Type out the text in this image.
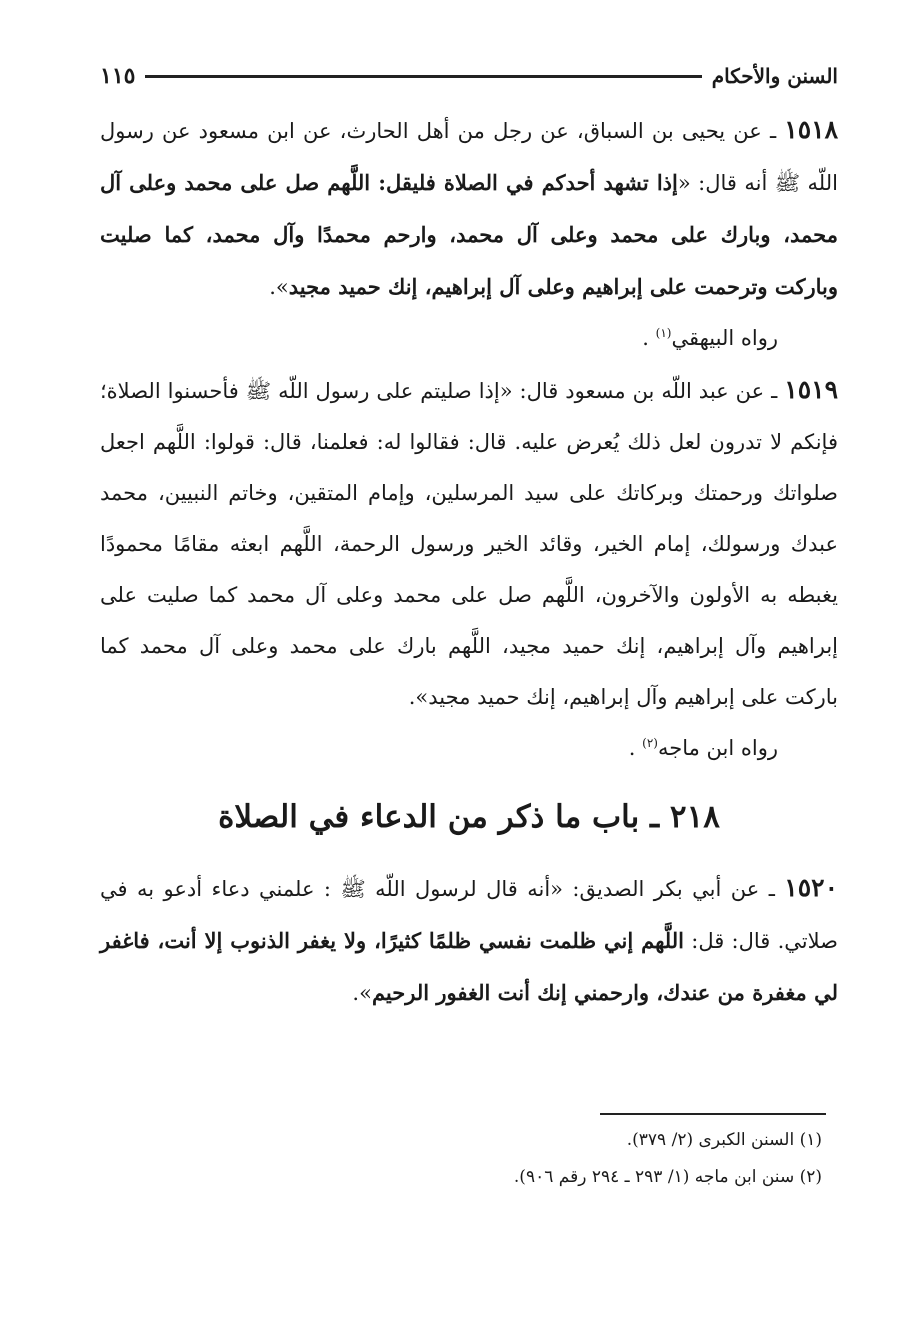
السنن والأحكام
١١٥

١٥١٨ ـ عن يحيى بن السباق، عن رجل من أهل الحارث، عن ابن مسعود عن رسول اللّه ﷺ أنه قال: «إذا تشهد أحدكم في الصلاة فليقل: اللَّهم صل على محمد وعلى آل محمد، وبارك على محمد وعلى آل محمد، وارحم محمدًا وآل محمد، كما صليت وباركت وترحمت على إبراهيم وعلى آل إبراهيم، إنك حميد مجيد».

رواه البيهقي$^{(١)}$ .

١٥١٩ ـ عن عبد اللّه بن مسعود قال: «إذا صليتم على رسول اللّه ﷺ فأحسنوا الصلاة؛ فإنكم لا تدرون لعل ذلك يُعرض عليه. قال: فقالوا له: فعلمنا، قال: قولوا: اللَّهم اجعل صلواتك ورحمتك وبركاتك على سيد المرسلين، وإمام المتقين، وخاتم النبيين، محمد عبدك ورسولك، إمام الخير، وقائد الخير ورسول الرحمة، اللَّهم ابعثه مقامًا محمودًا يغبطه به الأولون والآخرون، اللَّهم صل على محمد وعلى آل محمد كما صليت على إبراهيم وآل إبراهيم، إنك حميد مجيد، اللَّهم بارك على محمد وعلى آل محمد كما باركت على إبراهيم وآل إبراهيم، إنك حميد مجيد».

رواه ابن ماجه$^{(٢)}$ .

٢١٨ ـ باب ما ذكر من الدعاء في الصلاة

١٥٢٠ ـ عن أبي بكر الصديق: «أنه قال لرسول اللّه ﷺ : علمني دعاء أدعو به في صلاتي. قال: قل: اللَّهم إني ظلمت نفسي ظلمًا كثيرًا، ولا يغفر الذنوب إلا أنت، فاغفر لي مغفرة من عندك، وارحمني إنك أنت الغفور الرحيم».

(١) السنن الكبرى (٢/ ٣٧٩).
(٢) سنن ابن ماجه (١/ ٢٩٣ ـ ٢٩٤ رقم ٩٠٦).
